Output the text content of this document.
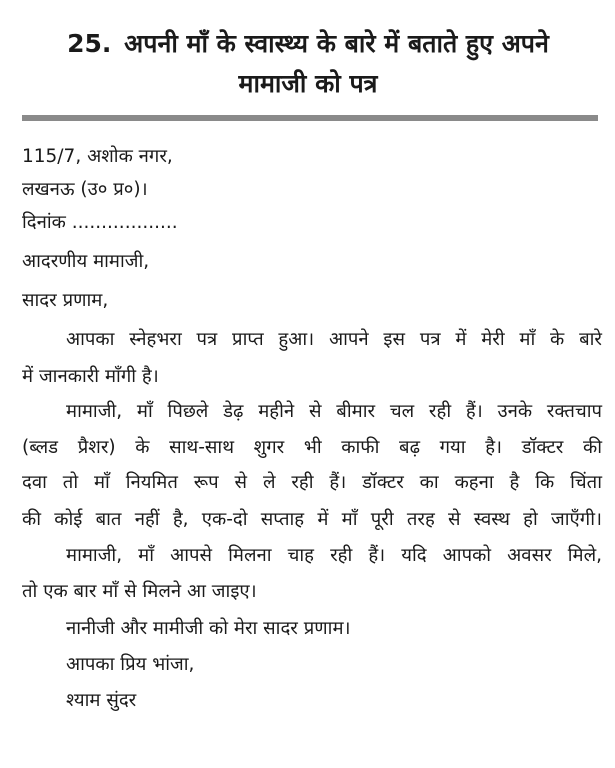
25. अपनी माँ के स्वास्थ्य के बारे में बताते हुए अपने
मामाजी को पत्र
115/7, अशोक नगर,
लखनऊ (उ० प्र०)।
दिनांक ..................
आदरणीय मामाजी,
सादर प्रणाम,
आपका स्नेहभरा पत्र प्राप्त हुआ। आपने इस पत्र में मेरी माँ के बारे
में जानकारी माँगी है।
मामाजी, माँ पिछले डेढ़ महीने से बीमार चल रही हैं। उनके रक्तचाप
(ब्लड प्रैशर) के साथ-साथ शुगर भी काफी बढ़ गया है। डॉक्टर की
दवा तो माँ नियमित रूप से ले रही हैं। डॉक्टर का कहना है कि चिंता
की कोई बात नहीं है, एक-दो सप्ताह में माँ पूरी तरह से स्वस्थ हो जाएँगी।
मामाजी, माँ आपसे मिलना चाह रही हैं। यदि आपको अवसर मिले,
तो एक बार माँ से मिलने आ जाइए।
नानीजी और मामीजी को मेरा सादर प्रणाम।
आपका प्रिय भांजा,
श्याम सुंदर
